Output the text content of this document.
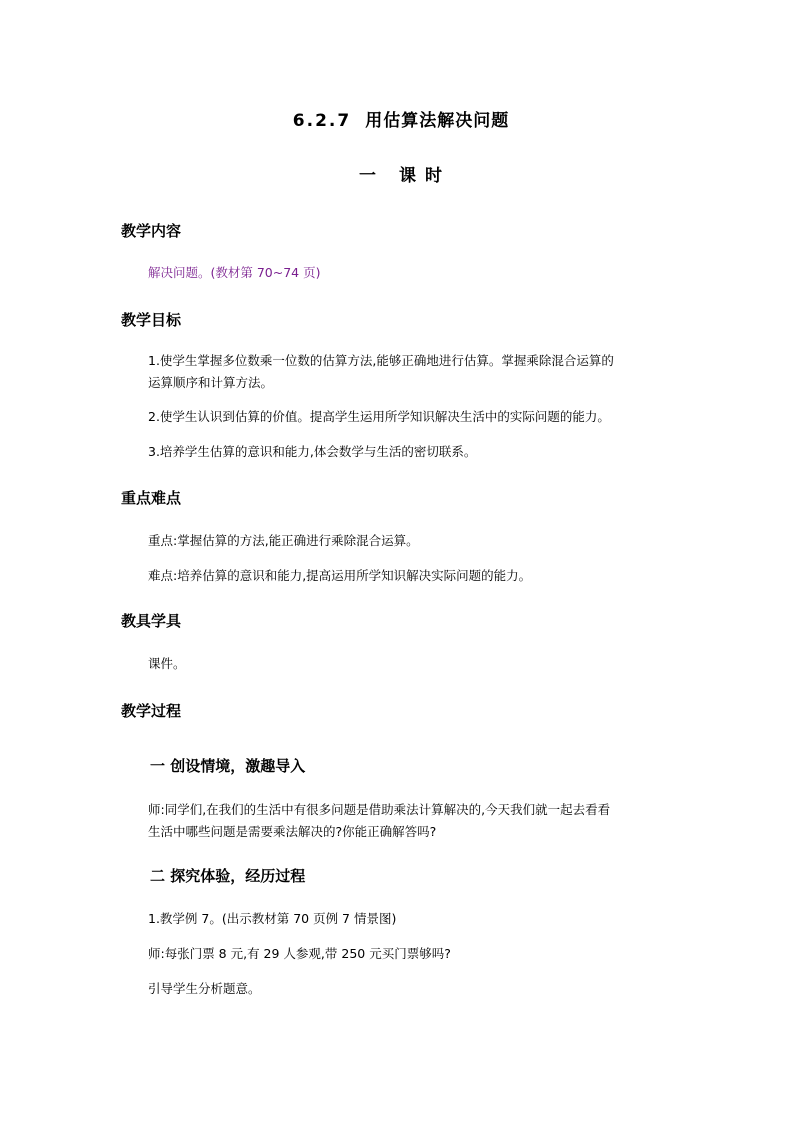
6.2.7 用估算法解决问题
一 课 时
教学内容
解决问题。(教材第 70~74 页)
教学目标
1.使学生掌握多位数乘一位数的估算方法,能够正确地进行估算。掌握乘除混合运算的
运算顺序和计算方法。
2.使学生认识到估算的价值。提高学生运用所学知识解决生活中的实际问题的能力。
3.培养学生估算的意识和能力,体会数学与生活的密切联系。
重点难点
重点:掌握估算的方法,能正确进行乘除混合运算。
难点:培养估算的意识和能力,提高运用所学知识解决实际问题的能力。
教具学具
课件。
教学过程
一 创设情境，激趣导入
师:同学们,在我们的生活中有很多问题是借助乘法计算解决的,今天我们就一起去看看
生活中哪些问题是需要乘法解决的?你能正确解答吗?
二 探究体验，经历过程
1.教学例 7。(出示教材第 70 页例 7 情景图)
师:每张门票 8 元,有 29 人参观,带 250 元买门票够吗?
引导学生分析题意。
